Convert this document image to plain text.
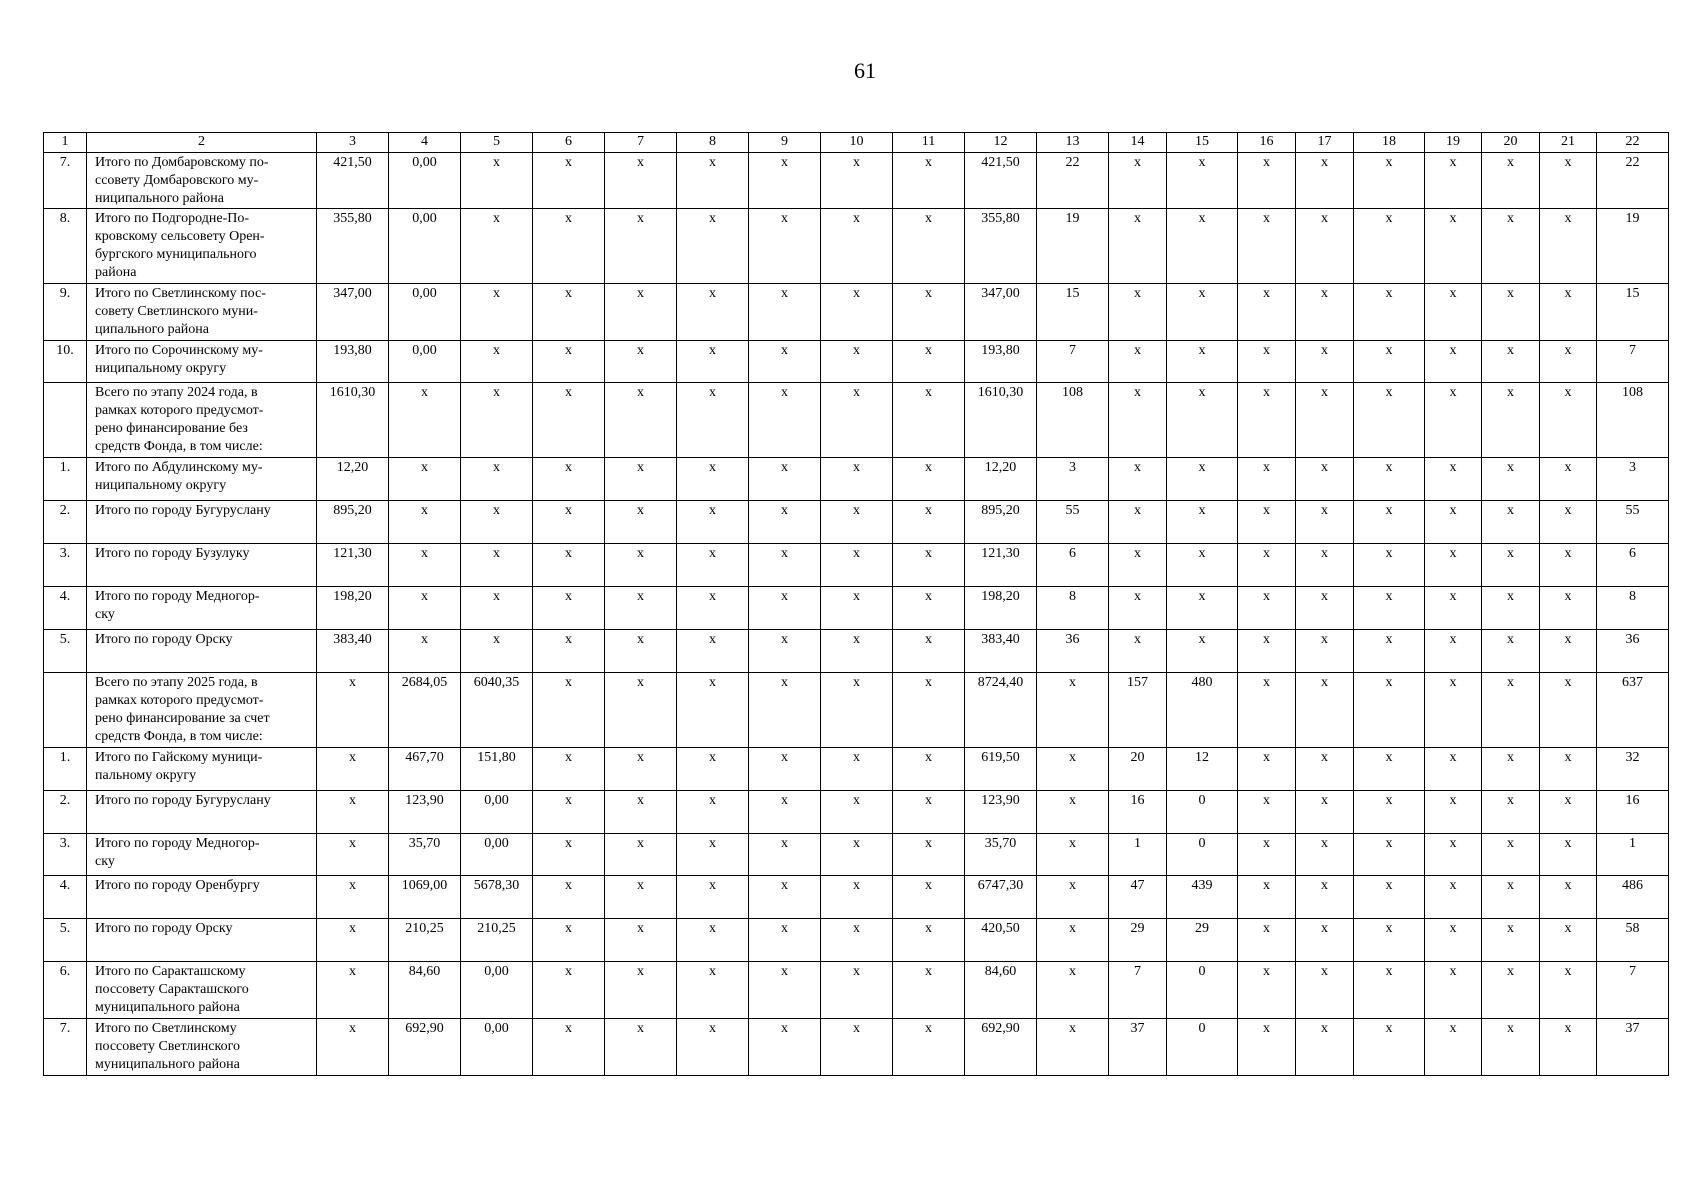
61
1	2	3	4	5	6	7	8	9	10	11	12	13	14	15	16	17	18	19	20	21	22
7.	Итого по Домбаровскому по-
ссовету Домбаровского му-
ниципального района	421,50	0,00	x	x	x	x	x	x	x	421,50	22	x	x	x	x	x	x	x	x	22
8.	Итого по Подгородне-По-
кровскому сельсовету Орен-
бургского муниципального
района	355,80	0,00	x	x	x	x	x	x	x	355,80	19	x	x	x	x	x	x	x	x	19
9.	Итого по Светлинскому пос-
совету Светлинского муни-
ципального района	347,00	0,00	x	x	x	x	x	x	x	347,00	15	x	x	x	x	x	x	x	x	15
10.	Итого по Сорочинскому му-
ниципальному округу	193,80	0,00	x	x	x	x	x	x	x	193,80	7	x	x	x	x	x	x	x	x	7
	Всего по этапу 2024 года, в
рамках которого предусмот-
рено финансирование без
средств Фонда, в том числе:	1610,30	x	x	x	x	x	x	x	x	1610,30	108	x	x	x	x	x	x	x	x	108
1.	Итого по Абдулинскому му-
ниципальному округу	12,20	x	x	x	x	x	x	x	x	12,20	3	x	x	x	x	x	x	x	x	3
2.	Итого по городу Бугуруслану	895,20	x	x	x	x	x	x	x	x	895,20	55	x	x	x	x	x	x	x	x	55
3.	Итого по городу Бузулуку	121,30	x	x	x	x	x	x	x	x	121,30	6	x	x	x	x	x	x	x	x	6
4.	Итого по городу Медногор-
ску	198,20	x	x	x	x	x	x	x	x	198,20	8	x	x	x	x	x	x	x	x	8
5.	Итого по городу Орску	383,40	x	x	x	x	x	x	x	x	383,40	36	x	x	x	x	x	x	x	x	36
	Всего по этапу 2025 года, в
рамках которого предусмот-
рено финансирование за счет
средств Фонда, в том числе:	x	2684,05	6040,35	x	x	x	x	x	x	8724,40	x	157	480	x	x	x	x	x	x	637
1.	Итого по Гайскому муници-
пальному округу	x	467,70	151,80	x	x	x	x	x	x	619,50	x	20	12	x	x	x	x	x	x	32
2.	Итого по городу Бугуруслану	x	123,90	0,00	x	x	x	x	x	x	123,90	x	16	0	x	x	x	x	x	x	16
3.	Итого по городу Медногор-
ску	x	35,70	0,00	x	x	x	x	x	x	35,70	x	1	0	x	x	x	x	x	x	1
4.	Итого по городу Оренбургу	x	1069,00	5678,30	x	x	x	x	x	x	6747,30	x	47	439	x	x	x	x	x	x	486
5.	Итого по городу Орску	x	210,25	210,25	x	x	x	x	x	x	420,50	x	29	29	x	x	x	x	x	x	58
6.	Итого по Саракташскому
поссовету Саракташского
муниципального района	x	84,60	0,00	x	x	x	x	x	x	84,60	x	7	0	x	x	x	x	x	x	7
7.	Итого по Светлинскому
поссовету Светлинского
муниципального района	x	692,90	0,00	x	x	x	x	x	x	692,90	x	37	0	x	x	x	x	x	x	37
